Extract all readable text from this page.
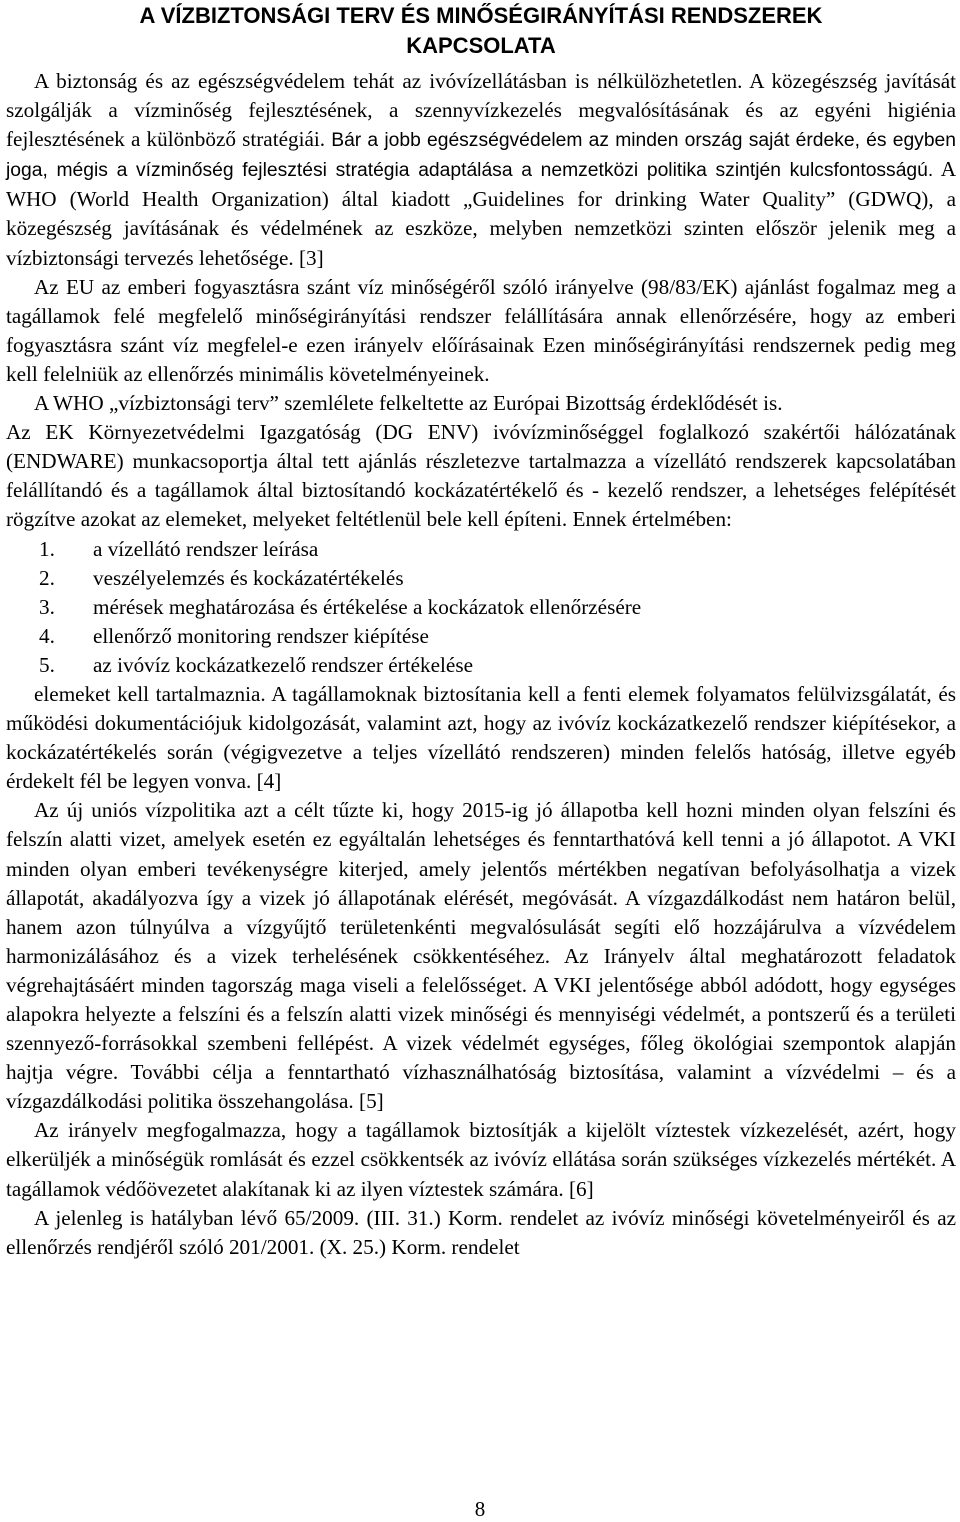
A VÍZBIZTONSÁGI TERV ÉS MINŐSÉGIRÁNYÍTÁSI RENDSZEREK
KAPCSOLATA

A biztonság és az egészségvédelem tehát az ivóvízellátásban is nélkülözhetetlen. A közegészség javítását szolgálják a vízminőség fejlesztésének, a szennyvízkezelés megvalósításának és az egyéni higiénia fejlesztésének a különböző stratégiái. Bár a jobb egészségvédelem az minden ország saját érdeke, és egyben joga, mégis a vízminőség fejlesztési stratégia adaptálása a nemzetközi politika szintjén kulcsfontosságú. A WHO (World Health Organization) által kiadott „Guidelines for drinking Water Quality” (GDWQ), a közegészség javításának és védelmének az eszköze, melyben nemzetközi szinten először jelenik meg a vízbiztonsági tervezés lehetősége. [3]

Az EU az emberi fogyasztásra szánt víz minőségéről szóló irányelve (98/83/EK) ajánlást fogalmaz meg a tagállamok felé megfelelő minőségirányítási rendszer felállítására annak ellenőrzésére, hogy az emberi fogyasztásra szánt víz megfelel-e ezen irányelv előírásainak Ezen minőségirányítási rendszernek pedig meg kell felelniük az ellenőrzés minimális követelményeinek.

A WHO „vízbiztonsági terv” szemlélete felkeltette az Európai Bizottság érdeklődését is.

Az EK Környezetvédelmi Igazgatóság (DG ENV) ivóvízminőséggel foglalkozó szakértői hálózatának (ENDWARE) munkacsoportja által tett ajánlás részletezve tartalmazza a vízellátó rendszerek kapcsolatában felállítandó és a tagállamok által biztosítandó kockázatértékelő és - kezelő rendszer, a lehetséges felépítését rögzítve azokat az elemeket, melyeket feltétlenül bele kell építeni. Ennek értelmében:

1. a vízellátó rendszer leírása
2. veszélyelemzés és kockázatértékelés
3. mérések meghatározása és értékelése a kockázatok ellenőrzésére
4. ellenőrző monitoring rendszer kiépítése
5. az ivóvíz kockázatkezelő rendszer értékelése

elemeket kell tartalmaznia. A tagállamoknak biztosítania kell a fenti elemek folyamatos felülvizsgálatát, és működési dokumentációjuk kidolgozását, valamint azt, hogy az ivóvíz kockázatkezelő rendszer kiépítésekor, a kockázatértékelés során (végigvezetve a teljes vízellátó rendszeren) minden felelős hatóság, illetve egyéb érdekelt fél be legyen vonva. [4]

Az új uniós vízpolitika azt a célt tűzte ki, hogy 2015-ig jó állapotba kell hozni minden olyan felszíni és felszín alatti vizet, amelyek esetén ez egyáltalán lehetséges és fenntarthatóvá kell tenni a jó állapotot. A VKI minden olyan emberi tevékenységre kiterjed, amely jelentős mértékben negatívan befolyásolhatja a vizek állapotát, akadályozva így a vizek jó állapotának elérését, megóvását. A vízgazdálkodást nem határon belül, hanem azon túlnyúlva a vízgyűjtő területenkénti megvalósulását segíti elő hozzájárulva a vízvédelem harmonizálásához és a vizek terhelésének csökkentéséhez. Az Irányelv által meghatározott feladatok végrehajtásáért minden tagország maga viseli a felelősséget. A VKI jelentősége abból adódott, hogy egységes alapokra helyezte a felszíni és a felszín alatti vizek minőségi és mennyiségi védelmét, a pontszerű és a területi szennyező-forrásokkal szembeni fellépést. A vizek védelmét egységes, főleg ökológiai szempontok alapján hajtja végre. További célja a fenntartható vízhasználhatóság biztosítása, valamint a vízvédelmi – és a vízgazdálkodási politika összehangolása. [5]

Az irányelv megfogalmazza, hogy a tagállamok biztosítják a kijelölt víztestek vízkezelését, azért, hogy elkerüljék a minőségük romlását és ezzel csökkentsék az ivóvíz ellátása során szükséges vízkezelés mértékét. A tagállamok védőövezetet alakítanak ki az ilyen víztestek számára. [6]

A jelenleg is hatályban lévő 65/2009. (III. 31.) Korm. rendelet az ivóvíz minőségi követelményeiről és az ellenőrzés rendjéről szóló 201/2001. (X. 25.) Korm. rendelet

8
